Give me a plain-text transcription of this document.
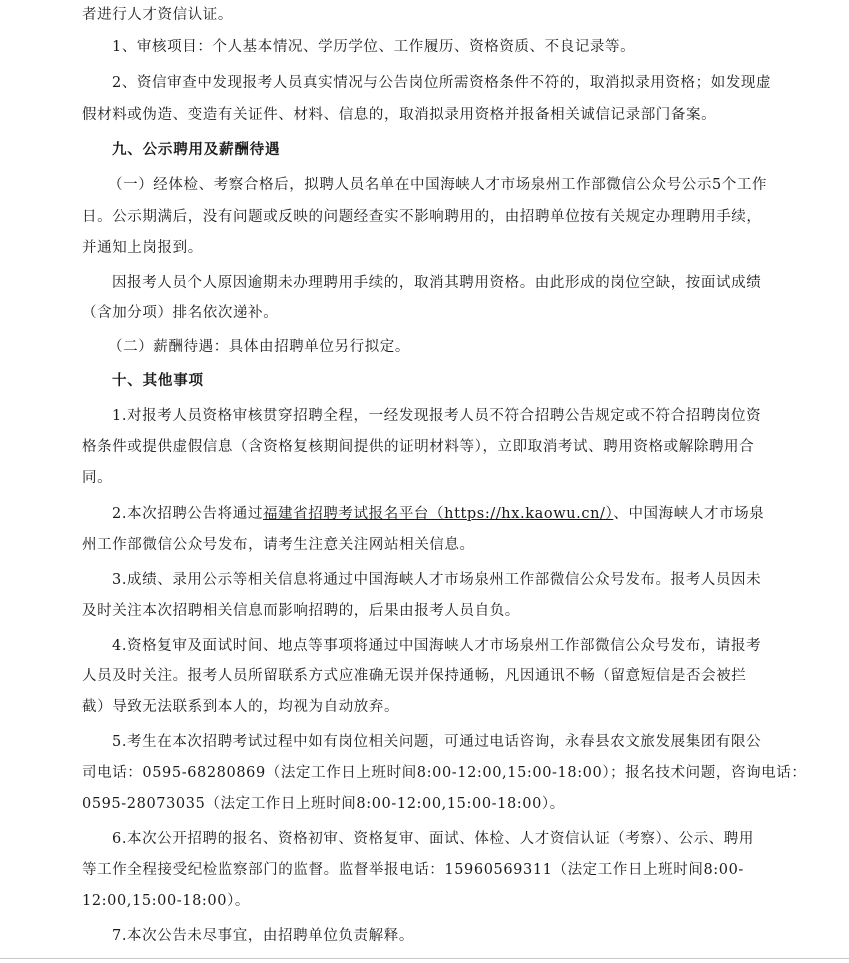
者进行人才资信认证。
1、审核项目：个人基本情况、学历学位、工作履历、资格资质、不良记录等。
2、资信审查中发现报考人员真实情况与公告岗位所需资格条件不符的，取消拟录用资格；如发现虚
假材料或伪造、变造有关证件、材料、信息的，取消拟录用资格并报备相关诚信记录部门备案。
九、公示聘用及薪酬待遇
（一）经体检、考察合格后，拟聘人员名单在中国海峡人才市场泉州工作部微信公众号公示5个工作
日。公示期满后，没有问题或反映的问题经查实不影响聘用的，由招聘单位按有关规定办理聘用手续，
并通知上岗报到。
因报考人员个人原因逾期未办理聘用手续的，取消其聘用资格。由此形成的岗位空缺，按面试成绩
（含加分项）排名依次递补。
（二）薪酬待遇：具体由招聘单位另行拟定。
十、其他事项
1.对报考人员资格审核贯穿招聘全程，一经发现报考人员不符合招聘公告规定或不符合招聘岗位资
格条件或提供虚假信息（含资格复核期间提供的证明材料等），立即取消考试、聘用资格或解除聘用合
同。
2.本次招聘公告将通过福建省招聘考试报名平台（https://hx.kaowu.cn/）、中国海峡人才市场泉
州工作部微信公众号发布，请考生注意关注网站相关信息。
3.成绩、录用公示等相关信息将通过中国海峡人才市场泉州工作部微信公众号发布。报考人员因未
及时关注本次招聘相关信息而影响招聘的，后果由报考人员自负。
4.资格复审及面试时间、地点等事项将通过中国海峡人才市场泉州工作部微信公众号发布，请报考
人员及时关注。报考人员所留联系方式应准确无误并保持通畅，凡因通讯不畅（留意短信是否会被拦
截）导致无法联系到本人的，均视为自动放弃。
5.考生在本次招聘考试过程中如有岗位相关问题，可通过电话咨询，永春县农文旅发展集团有限公
司电话：0595-68280869（法定工作日上班时间8:00-12:00,15:00-18:00）；报名技术问题，咨询电话：
0595-28073035（法定工作日上班时间8:00-12:00,15:00-18:00）。
6.本次公开招聘的报名、资格初审、资格复审、面试、体检、人才资信认证（考察）、公示、聘用
等工作全程接受纪检监察部门的监督。监督举报电话：15960569311（法定工作日上班时间8:00-
12:00,15:00-18:00）。
7.本次公告未尽事宜，由招聘单位负责解释。
